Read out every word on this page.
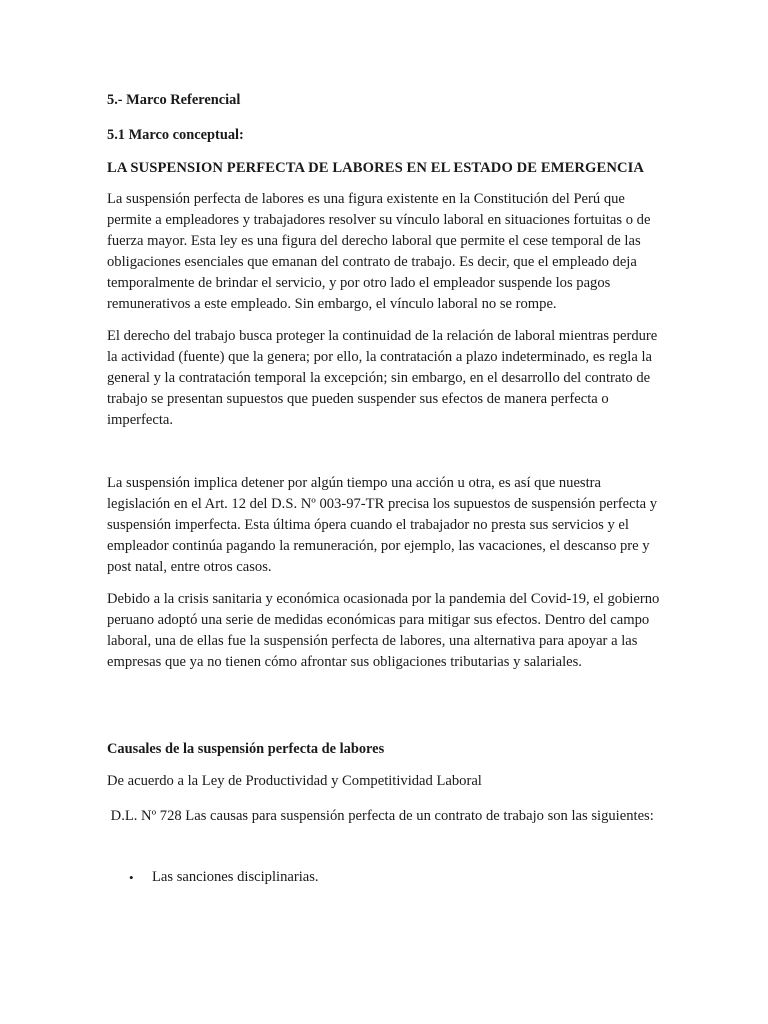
5.- Marco Referencial

5.1 Marco conceptual:

LA SUSPENSION PERFECTA DE LABORES EN EL ESTADO DE EMERGENCIA

La suspensión perfecta de labores es una figura existente en la Constitución del Perú que permite a empleadores y trabajadores resolver su vínculo laboral en situaciones fortuitas o de fuerza mayor. Esta ley es una figura del derecho laboral que permite el cese temporal de las obligaciones esenciales que emanan del contrato de trabajo. Es decir, que el empleado deja temporalmente de brindar el servicio, y por otro lado el empleador suspende los pagos remunerativos a este empleado. Sin embargo, el vínculo laboral no se rompe.

El derecho del trabajo busca proteger la continuidad de la relación de laboral mientras perdure la actividad (fuente) que la genera; por ello, la contratación a plazo indeterminado, es regla la general y la contratación temporal la excepción; sin embargo, en el desarrollo del contrato de trabajo se presentan supuestos que pueden suspender sus efectos de manera perfecta o imperfecta.

La suspensión implica detener por algún tiempo una acción u otra, es así que nuestra legislación en el Art. 12 del D.S. Nº 003-97-TR precisa los supuestos de suspensión perfecta y suspensión imperfecta. Esta última ópera cuando el trabajador no presta sus servicios y el empleador continúa pagando la remuneración, por ejemplo, las vacaciones, el descanso pre y post natal, entre otros casos.

Debido a la crisis sanitaria y económica ocasionada por la pandemia del Covid-19, el gobierno peruano adoptó una serie de medidas económicas para mitigar sus efectos. Dentro del campo laboral, una de ellas fue la suspensión perfecta de labores, una alternativa para apoyar a las empresas que ya no tienen cómo afrontar sus obligaciones tributarias y salariales.

Causales de la suspensión perfecta de labores

De acuerdo a la Ley de Productividad y Competitividad Laboral

D.L. Nº 728 Las causas para suspensión perfecta de un contrato de trabajo son las siguientes:

• Las sanciones disciplinarias.
